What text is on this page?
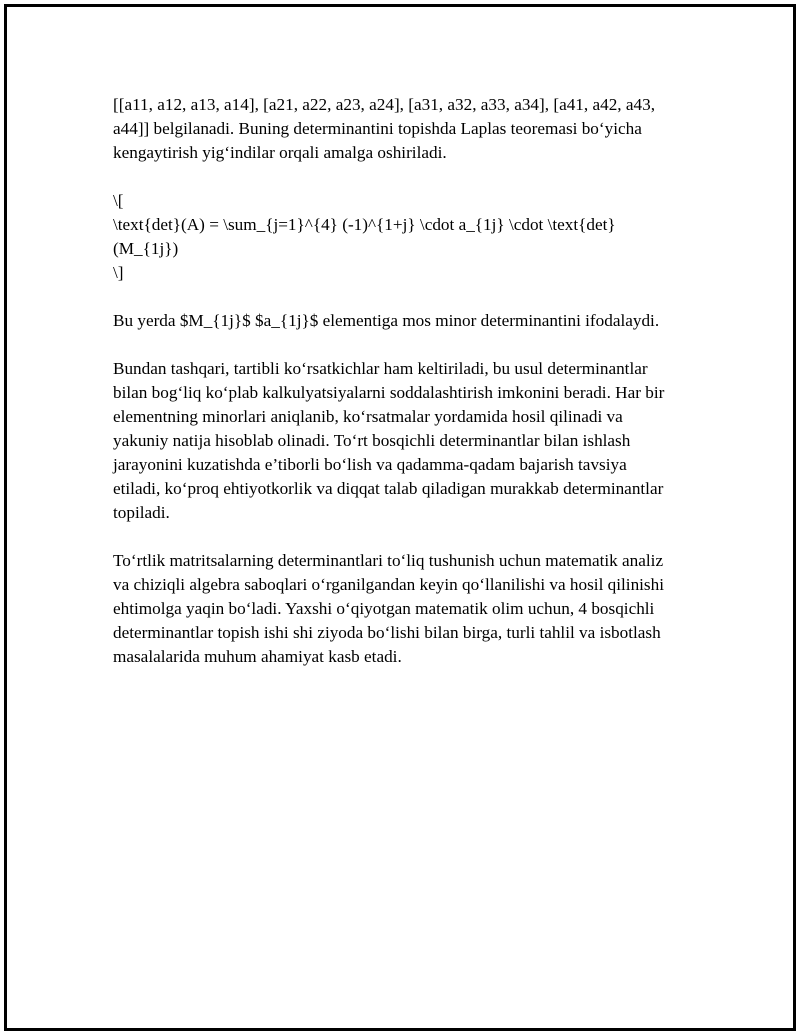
[[a11, a12, a13, a14], [a21, a22, a23, a24], [a31, a32, a33, a34], [a41, a42, a43, a44]] belgilanadi. Buning determinantini topishda Laplas teoremasi bo‘yicha kengaytirish yig‘indilar orqali amalga oshiriladi.

\[
\text{det}(A) = \sum_{j=1}^{4} (-1)^{1+j} \cdot a_{1j} \cdot \text{det}(M_{1j})
\]

Bu yerda $M_{1j}$ $a_{1j}$ elementiga mos minor determinantini ifodalaydi.

Bundan tashqari, tartibli ko‘rsatkichlar ham keltiriladi, bu usul determinantlar bilan bog‘liq ko‘plab kalkulyatsiyalarni soddalashtirish imkonini beradi. Har bir elementning minorlari aniqlanib, ko‘rsatmalar yordamida hosil qilinadi va yakuniy natija hisoblab olinadi. To‘rt bosqichli determinantlar bilan ishlash jarayonini kuzatishda e’tiborli bo‘lish va qadamma-qadam bajarish tavsiya etiladi, ko‘proq ehtiyotkorlik va diqqat talab qiladigan murakkab determinantlar topiladi.

To‘rtlik matritsalarning determinantlari to‘liq tushunish uchun matematik analiz va chiziqli algebra saboqlari o‘rganilgandan keyin qo‘llanilishi va hosil qilinishi ehtimolga yaqin bo‘ladi. Yaxshi o‘qiyotgan matematik olim uchun, 4 bosqichli determinantlar topish ishi shi ziyoda bo‘lishi bilan birga, turli tahlil va isbotlash masalalarida muhum ahamiyat kasb etadi.
